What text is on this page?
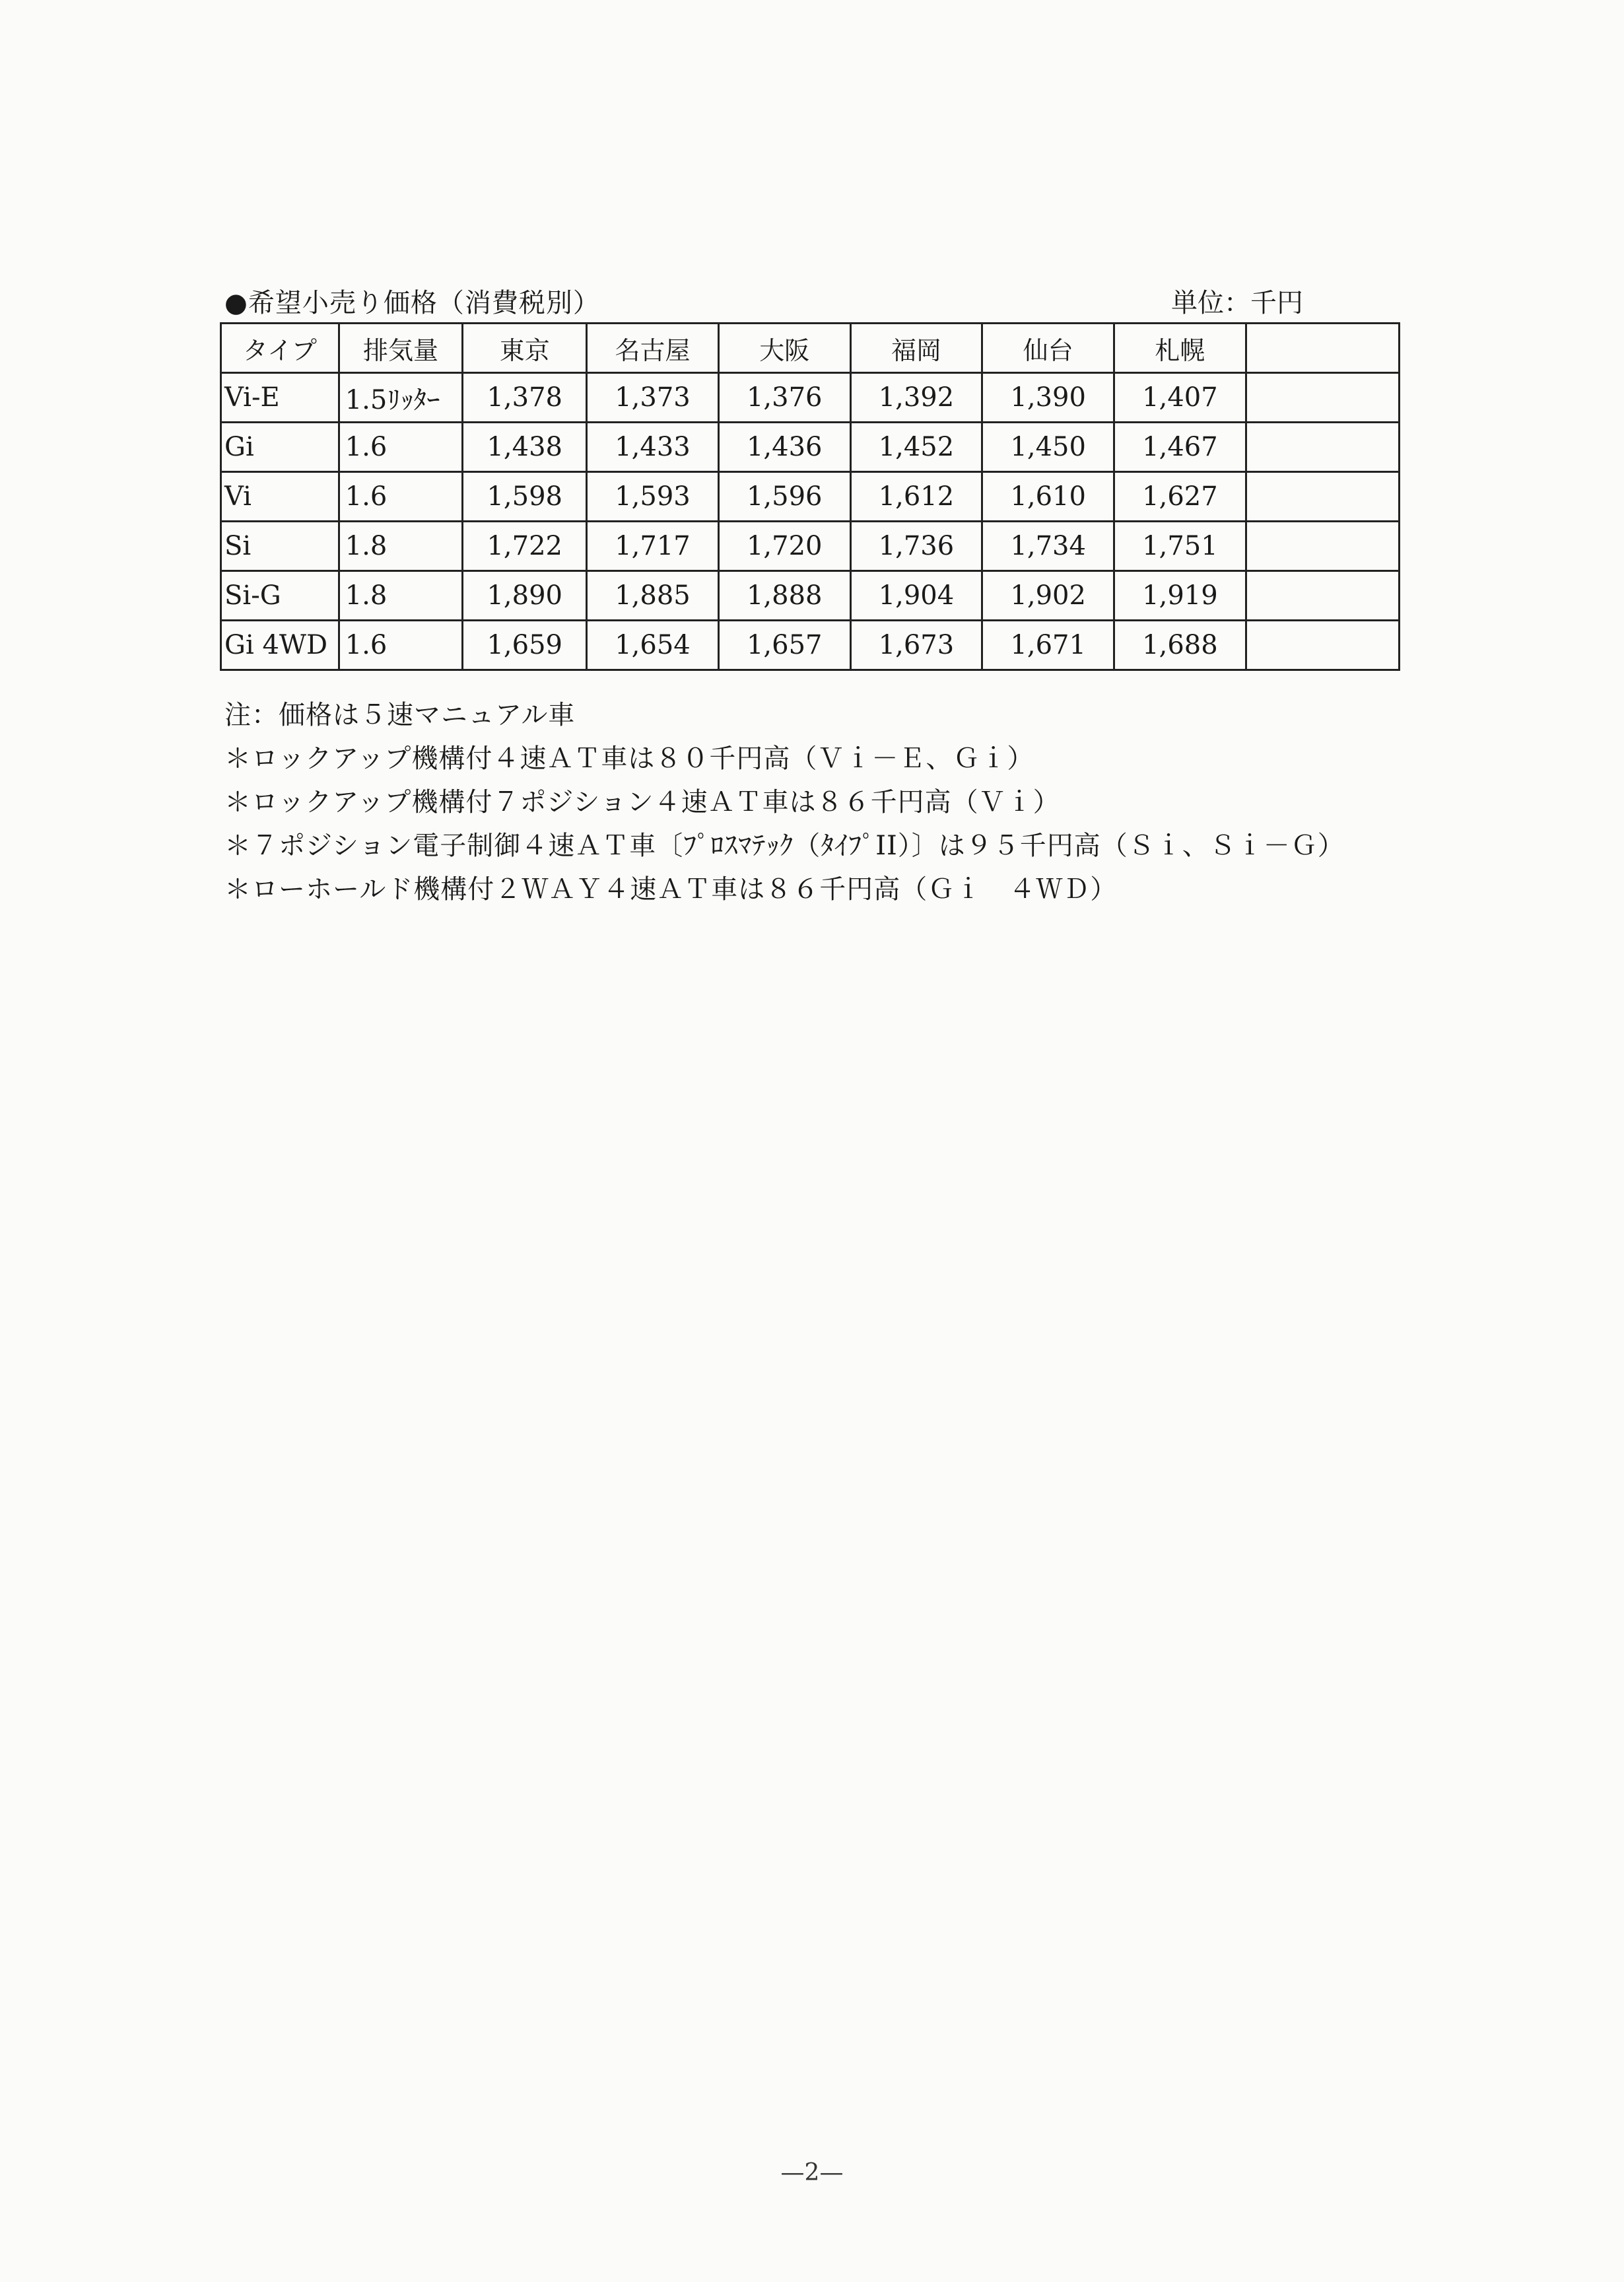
●希望小売り価格（消費税別）	単位：千円
タイプ	排気量	東京	名古屋	大阪	福岡	仙台	札幌	
Vi-E	1.5ﾘｯﾀｰ	1,378	1,373	1,376	1,392	1,390	1,407	
Gi	1.6	1,438	1,433	1,436	1,452	1,450	1,467	
Vi	1.6	1,598	1,593	1,596	1,612	1,610	1,627	
Si	1.8	1,722	1,717	1,720	1,736	1,734	1,751	
Si-G	1.8	1,890	1,885	1,888	1,904	1,902	1,919	
Gi 4WD	1.6	1,659	1,654	1,657	1,673	1,671	1,688	
注：価格は５速マニュアル車
＊ロックアップ機構付４速ＡＴ車は８０千円高（Ｖｉ－Ｅ、Ｇｉ）
＊ロックアップ機構付７ポジション４速ＡＴ車は８６千円高（Ｖｉ）
＊７ポジション電子制御４速ＡＴ車〔ﾌﾟﾛｽﾏﾃｯｸ（ﾀｲﾌﾟII）〕は９５千円高（Ｓｉ、Ｓｉ－Ｇ）
＊ローホールド機構付２ＷＡＹ４速ＡＴ車は８６千円高（Ｇｉ　４ＷＤ）
—2—
